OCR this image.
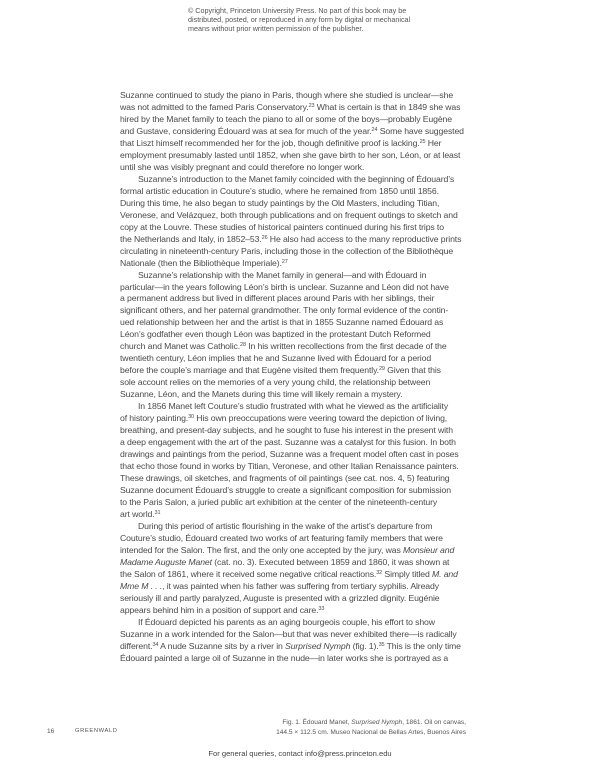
© Copyright, Princeton University Press. No part of this book may be
distributed, posted, or reproduced in any form by digital or mechanical
means without prior written permission of the publisher.
Suzanne continued to study the piano in Paris, though where she studied is unclear—she
was not admitted to the famed Paris Conservatory.$^{23}$ What is certain is that in 1849 she was
hired by the Manet family to teach the piano to all or some of the boys—probably Eugène
and Gustave, considering Édouard was at sea for much of the year.$^{24}$ Some have suggested
that Liszt himself recommended her for the job, though definitive proof is lacking.$^{25}$ Her
employment presumably lasted until 1852, when she gave birth to her son, Léon, or at least
until she was visibly pregnant and could therefore no longer work.
Suzanne’s introduction to the Manet family coincided with the beginning of Édouard’s
formal artistic education in Couture’s studio, where he remained from 1850 until 1856.
During this time, he also began to study paintings by the Old Masters, including Titian,
Veronese, and Velázquez, both through publications and on frequent outings to sketch and
copy at the Louvre. These studies of historical painters continued during his first trips to
the Netherlands and Italy, in 1852–53.26 He also had access to the many reproductive prints
circulating in nineteenth-century Paris, including those in the collection of the Bibliothèque
Nationale (then the Bibliothèque Imperiale).$^{27}$
Suzanne’s relationship with the Manet family in general—and with Édouard in
particular—in the years following Léon’s birth is unclear. Suzanne and Léon did not have
a permanent address but lived in different places around Paris with her siblings, their
significant others, and her paternal grandmother. The only formal evidence of the contin-
ued relationship between her and the artist is that in 1855 Suzanne named Édouard as
Léon’s godfather even though Léon was baptized in the protestant Dutch Reformed
church and Manet was Catholic.$^{28}$ In his written recollections from the first decade of the
twentieth century, Léon implies that he and Suzanne lived with Édouard for a period
before the couple’s marriage and that Eugène visited them frequently.$^{29}$ Given that this
sole account relies on the memories of a very young child, the relationship between
Suzanne, Léon, and the Manets during this time will likely remain a mystery.
In 1856 Manet left Couture’s studio frustrated with what he viewed as the artificiality
of history painting.$^{30}$ His own preoccupations were veering toward the depiction of living,
breathing, and present-day subjects, and he sought to fuse his interest in the present with
a deep engagement with the art of the past. Suzanne was a catalyst for this fusion. In both
drawings and paintings from the period, Suzanne was a frequent model often cast in poses
that echo those found in works by Titian, Veronese, and other Italian Renaissance painters.
These drawings, oil sketches, and fragments of oil paintings (see cat. nos. 4, 5) featuring
Suzanne document Édouard’s struggle to create a significant composition for submission
to the Paris Salon, a juried public art exhibition at the center of the nineteenth-century
art world.$^{31}$
During this period of artistic flourishing in the wake of the artist’s departure from
Couture’s studio, Édouard created two works of art featuring family members that were
intended for the Salon. The first, and the only one accepted by the jury, was Monsieur and
Madame Auguste Manet (cat. no. 3). Executed between 1859 and 1860, it was shown at
the Salon of 1861, where it received some negative critical reactions.$^{32}$ Simply titled M. and
Mme M . . ., it was painted when his father was suffering from tertiary syphilis. Already
seriously ill and partly paralyzed, Auguste is presented with a grizzled dignity. Eugénie
appears behind him in a position of support and care.$^{33}$
If Édouard depicted his parents as an aging bourgeois couple, his effort to show
Suzanne in a work intended for the Salon—but that was never exhibited there—is radically
different.$^{34}$ A nude Suzanne sits by a river in Surprised Nymph (fig. 1).$^{35}$ This is the only time
Édouard painted a large oil of Suzanne in the nude—in later works she is portrayed as a
16	GREENWALD
Fig. 1. Édouard Manet, Surprised Nymph, 1861. Oil on canvas,
144.5 × 112.5 cm. Museo Nacional de Bellas Artes, Buenos Aires
For general queries, contact info@press.princeton.edu
